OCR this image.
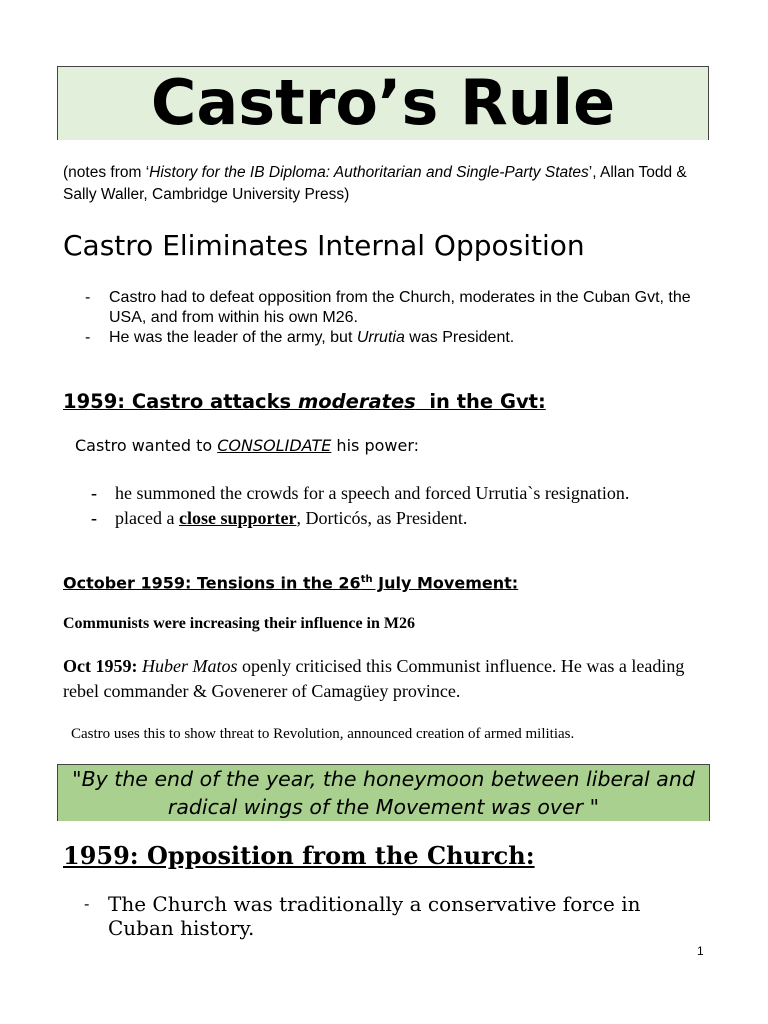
Castro’s Rule
(notes from ‘History for the IB Diploma: Authoritarian and Single-Party States’, Allan Todd & Sally Waller, Cambridge University Press)
Castro Eliminates Internal Opposition
- Castro had to defeat opposition from the Church, moderates in the Cuban Gvt, the USA, and from within his own M26.
- He was the leader of the army, but Urrutia was President.
1959: Castro attacks moderates  in the Gvt:
Castro wanted to CONSOLIDATE his power:
- he summoned the crowds for a speech and forced Urrutia`s resignation.
- placed a close supporter, Dorticós, as President.
October 1959: Tensions in the 26th July Movement:
Communists were increasing their influence in M26
Oct 1959: Huber Matos openly criticised this Communist influence. He was a leading rebel commander & Govenerer of Camagüey province.
Castro uses this to show threat to Revolution, announced creation of armed militias.
"By the end of the year, the honeymoon between liberal and radical wings of the Movement was over "
1959: Opposition from the Church:
- The Church was traditionally a conservative force in Cuban history.
1
